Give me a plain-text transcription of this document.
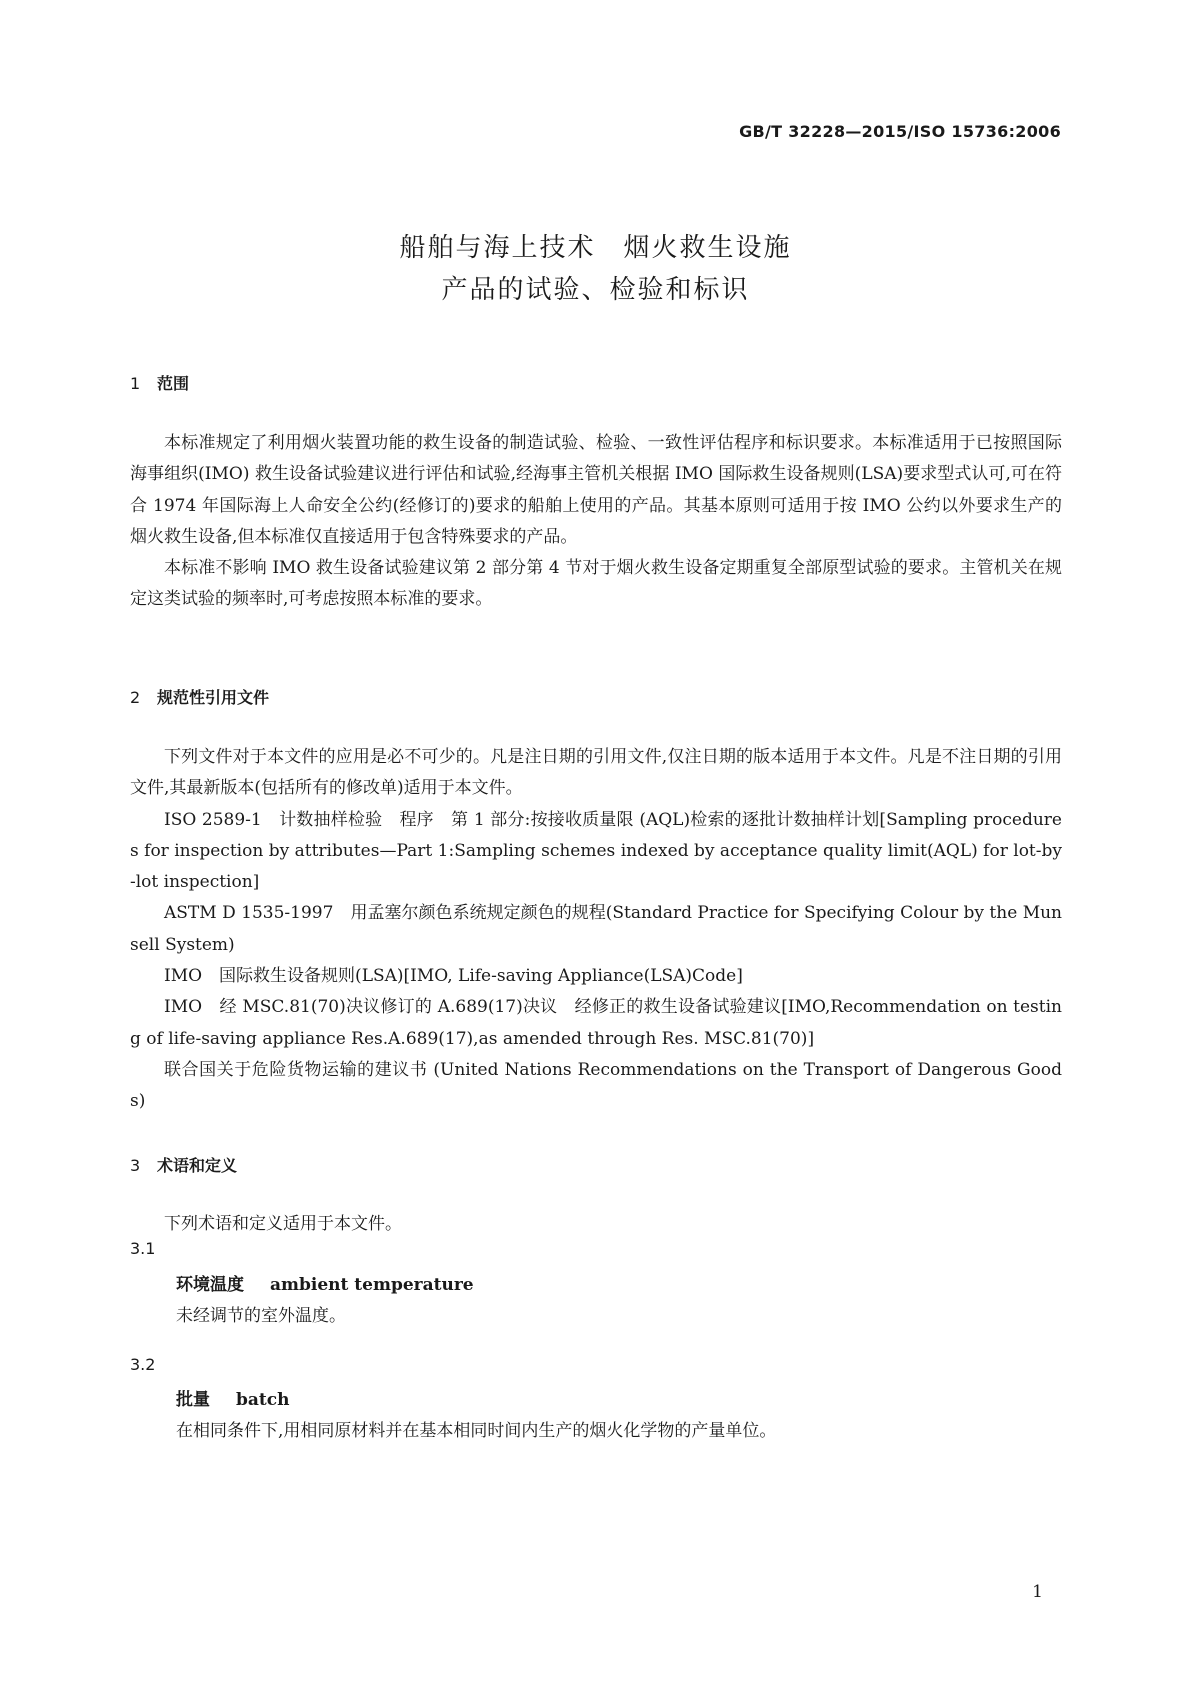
GB/T 32228—2015/ISO 15736:2006
船舶与海上技术　烟火救生设施
产品的试验、检验和标识
1 范围

本标准规定了利用烟火装置功能的救生设备的制造试验、检验、一致性评估程序和标识要求。本标准适用于已按照国际海事组织(IMO) 救生设备试验建议进行评估和试验,经海事主管机关根据 IMO 国际救生设备规则(LSA)要求型式认可,可在符合 1974 年国际海上人命安全公约(经修订的)要求的船舶上使用的产品。其基本原则可适用于按 IMO 公约以外要求生产的烟火救生设备,但本标准仅直接适用于包含特殊要求的产品。

本标准不影响 IMO 救生设备试验建议第 2 部分第 4 节对于烟火救生设备定期重复全部原型试验的要求。主管机关在规定这类试验的频率时,可考虑按照本标准的要求。

2 规范性引用文件

下列文件对于本文件的应用是必不可少的。凡是注日期的引用文件,仅注日期的版本适用于本文件。凡是不注日期的引用文件,其最新版本(包括所有的修改单)适用于本文件。

ISO 2589-1　计数抽样检验　程序　第 1 部分:按接收质量限 (AQL)检索的逐批计数抽样计划[Sampling procedures for inspection by attributes—Part 1:Sampling schemes indexed by acceptance quality limit(AQL) for lot-by-lot inspection]

ASTM D 1535-1997　用孟塞尔颜色系统规定颜色的规程(Standard Practice for Specifying Colour by the Munsell System)

IMO　国际救生设备规则(LSA)[IMO, Life-saving Appliance(LSA)Code]

IMO　经 MSC.81(70)决议修订的 A.689(17)决议　经修正的救生设备试验建议[IMO,Recommendation on testing of life-saving appliance Res.A.689(17),as amended through Res. MSC.81(70)]

联合国关于危险货物运输的建议书 (United Nations Recommendations on the Transport of Dangerous Goods)

3 术语和定义

下列术语和定义适用于本文件。

3.1
环境温度 ambient temperature
未经调节的室外温度。
3.2
批量 batch
在相同条件下,用相同原材料并在基本相同时间内生产的烟火化学物的产量单位。
1
